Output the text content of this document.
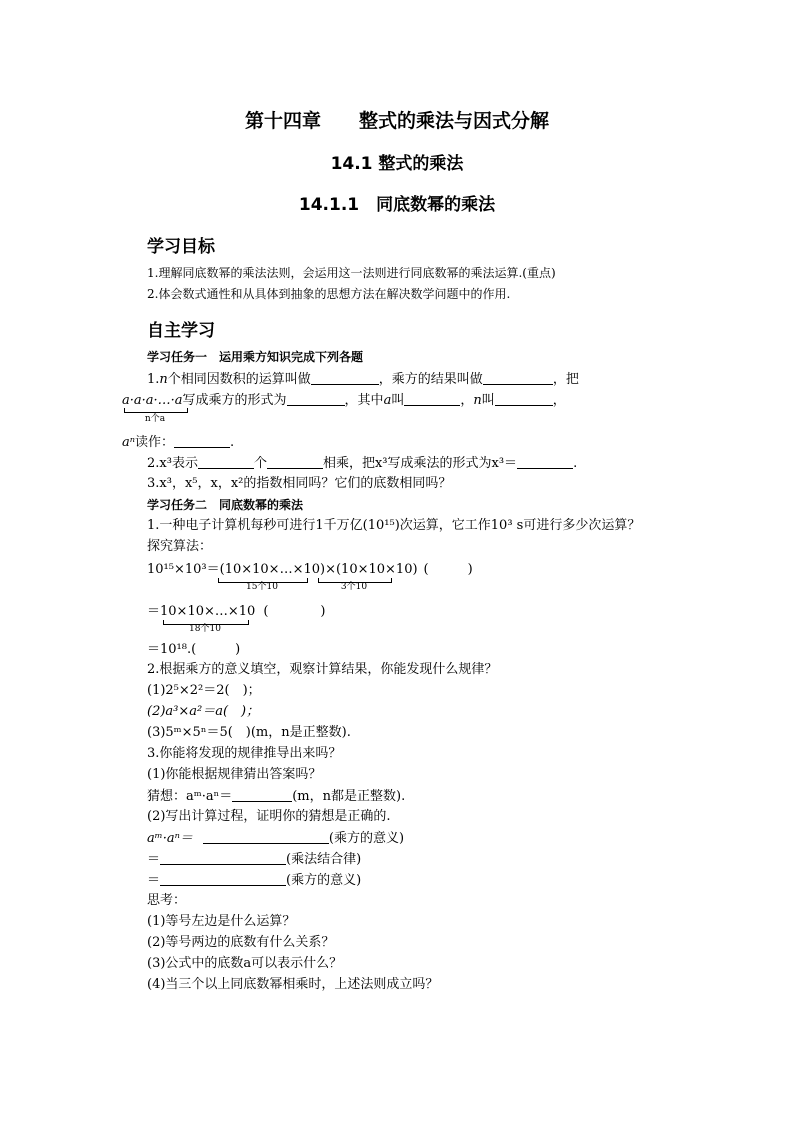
第十四章　　整式的乘法与因式分解
14.1 整式的乘法
14.1.1　同底数幂的乘法
学习目标
1.理解同底数幂的乘法法则，会运用这一法则进行同底数幂的乘法运算.(重点)
2.体会数式通性和从具体到抽象的思想方法在解决数学问题中的作用.
自主学习
学习任务一　运用乘方知识完成下列各题
1.n个相同因数积的运算叫做	，乘方的结果叫做	，把
a·a·a·…·a写成乘方的形式为	，其中a叫	，n叫	，
n个a
aⁿ读作：	.
2.x³表示	个	相乘，把x³写成乘法的形式为x³＝	.
3.x³，x⁵，x，x²的指数相同吗？它们的底数相同吗？
学习任务二　同底数幂的乘法
1.一种电子计算机每秒可进行1千万亿(10¹⁵)次运算，它工作10³ s可进行多少次运算？
探究算法：
10¹⁵×10³＝(10×10×…×10)×(10×10×10) (　　　)
15个10	3个10
＝10×10×…×10 (　　　　)
18个10
＝10¹⁸.(　　　)
2.根据乘方的意义填空，观察计算结果，你能发现什么规律？
(1)2⁵×2²＝2(　)；
(2)a³×a²＝a(　)；
(3)5ᵐ×5ⁿ＝5(　)(m，n是正整数).
3.你能将发现的规律推导出来吗？
(1)你能根据规律猜出答案吗？
猜想：aᵐ·aⁿ＝	(m，n都是正整数).
(2)写出计算过程，证明你的猜想是正确的.
aᵐ·aⁿ＝	(乘方的意义)
＝	(乘法结合律)
＝	(乘方的意义)
思考：
(1)等号左边是什么运算？
(2)等号两边的底数有什么关系？
(3)公式中的底数a可以表示什么？
(4)当三个以上同底数幂相乘时，上述法则成立吗？
